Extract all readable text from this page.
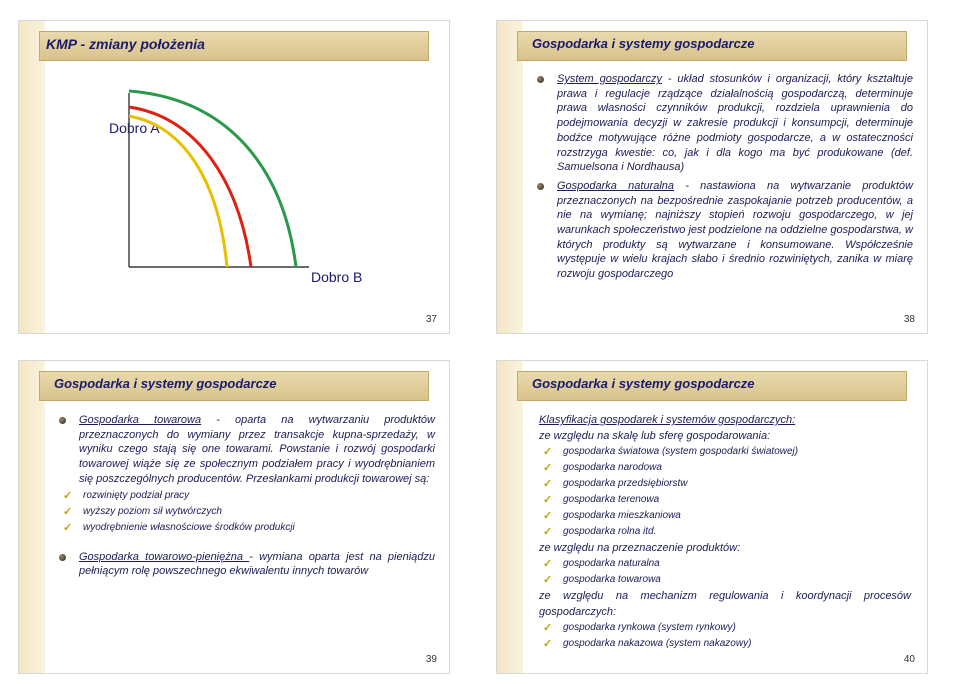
KMP - zmiany położenia
Dobro A
Dobro B
37
Gospodarka i systemy gospodarcze

System gospodarczy - układ stosunków i organizacji, który kształtuje prawa i regulacje rządzące działalnością gospodarczą, determinuje prawa własności czynników produkcji, rozdziela uprawnienia do podejmowania decyzji w zakresie produkcji i konsumpcji, determinuje bodźce motywujące różne podmioty gospodarcze, a w ostateczności rozstrzyga kwestie: co, jak i dla kogo ma być produkowane (def. Samuelsona i Nordhausa)

Gospodarka naturalna - nastawiona na wytwarzanie produktów przeznaczonych na bezpośrednie zaspokajanie potrzeb producentów, a nie na wymianę; najniższy stopień rozwoju gospodarczego, w jej warunkach społeczeństwo jest podzielone na oddzielne gospodarstwa, w których produkty są wytwarzane i konsumowane. Współcześnie występuje w wielu krajach słabo i średnio rozwiniętych, zanika w miarę rozwoju gospodarczego

38
Gospodarka i systemy gospodarcze

Gospodarka towarowa - oparta na wytwarzaniu produktów przeznaczonych do wymiany przez transakcje kupna-sprzedaży, w wyniku czego stają się one towarami. Powstanie i rozwój gospodarki towarowej wiąże się ze społecznym podziałem pracy i wyodrębnianiem się poszczególnych producentów. Przesłankami produkcji towarowej są:

✓ rozwinięty podział pracy
✓ wyższy poziom sił wytwórczych
✓ wyodrębnienie własnościowe środków produkcji

Gospodarka towarowo-pieniężna - wymiana oparta jest na pieniądzu pełniącym rolę powszechnego ekwiwalentu innych towarów

39
Gospodarka i systemy gospodarcze
Klasyfikacja gospodarek i systemów gospodarczych:
ze względu na skalę lub sferę gospodarowania:
✓ gospodarka światowa (system gospodarki światowej)
✓ gospodarka narodowa
✓ gospodarka przedsiębiorstw
✓ gospodarka terenowa
✓ gospodarka mieszkaniowa
✓ gospodarka rolna itd.
ze względu na przeznaczenie produktów:
✓ gospodarka naturalna
✓ gospodarka towarowa
ze względu na mechanizm regulowania i koordynacji procesów gospodarczych:
✓ gospodarka rynkowa (system rynkowy)
✓ gospodarka nakazowa (system nakazowy)
40
